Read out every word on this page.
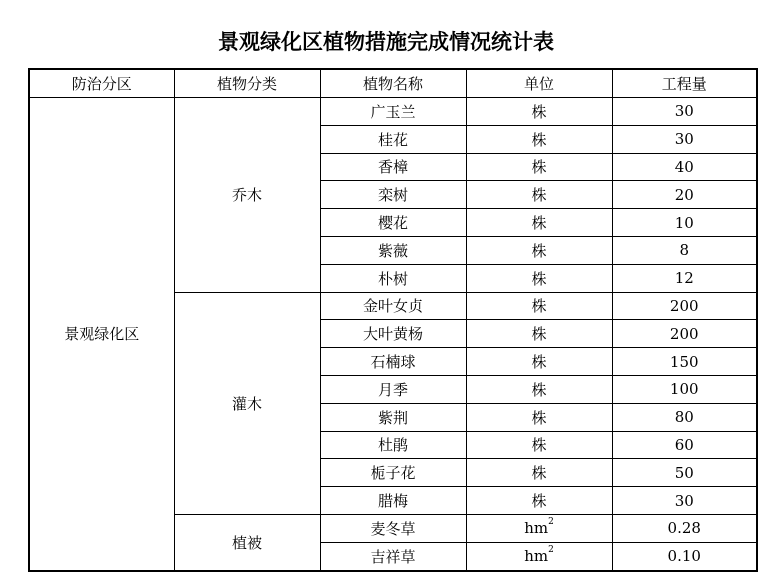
景观绿化区植物措施完成情况统计表
防治分区	植物分类	植物名称	单位	工程量
景观绿化区	乔木	广玉兰	株	30
		桂花	株	30
		香樟	株	40
		栾树	株	20
		樱花	株	10
		紫薇	株	8
		朴树	株	12
	灌木	金叶女贞	株	200
		大叶黄杨	株	200
		石楠球	株	150
		月季	株	100
		紫荆	株	80
		杜鹃	株	60
		栀子花	株	50
		腊梅	株	30
	植被	麦冬草	$hm^2$	0.28
		吉祥草	$hm^2$	0.10
